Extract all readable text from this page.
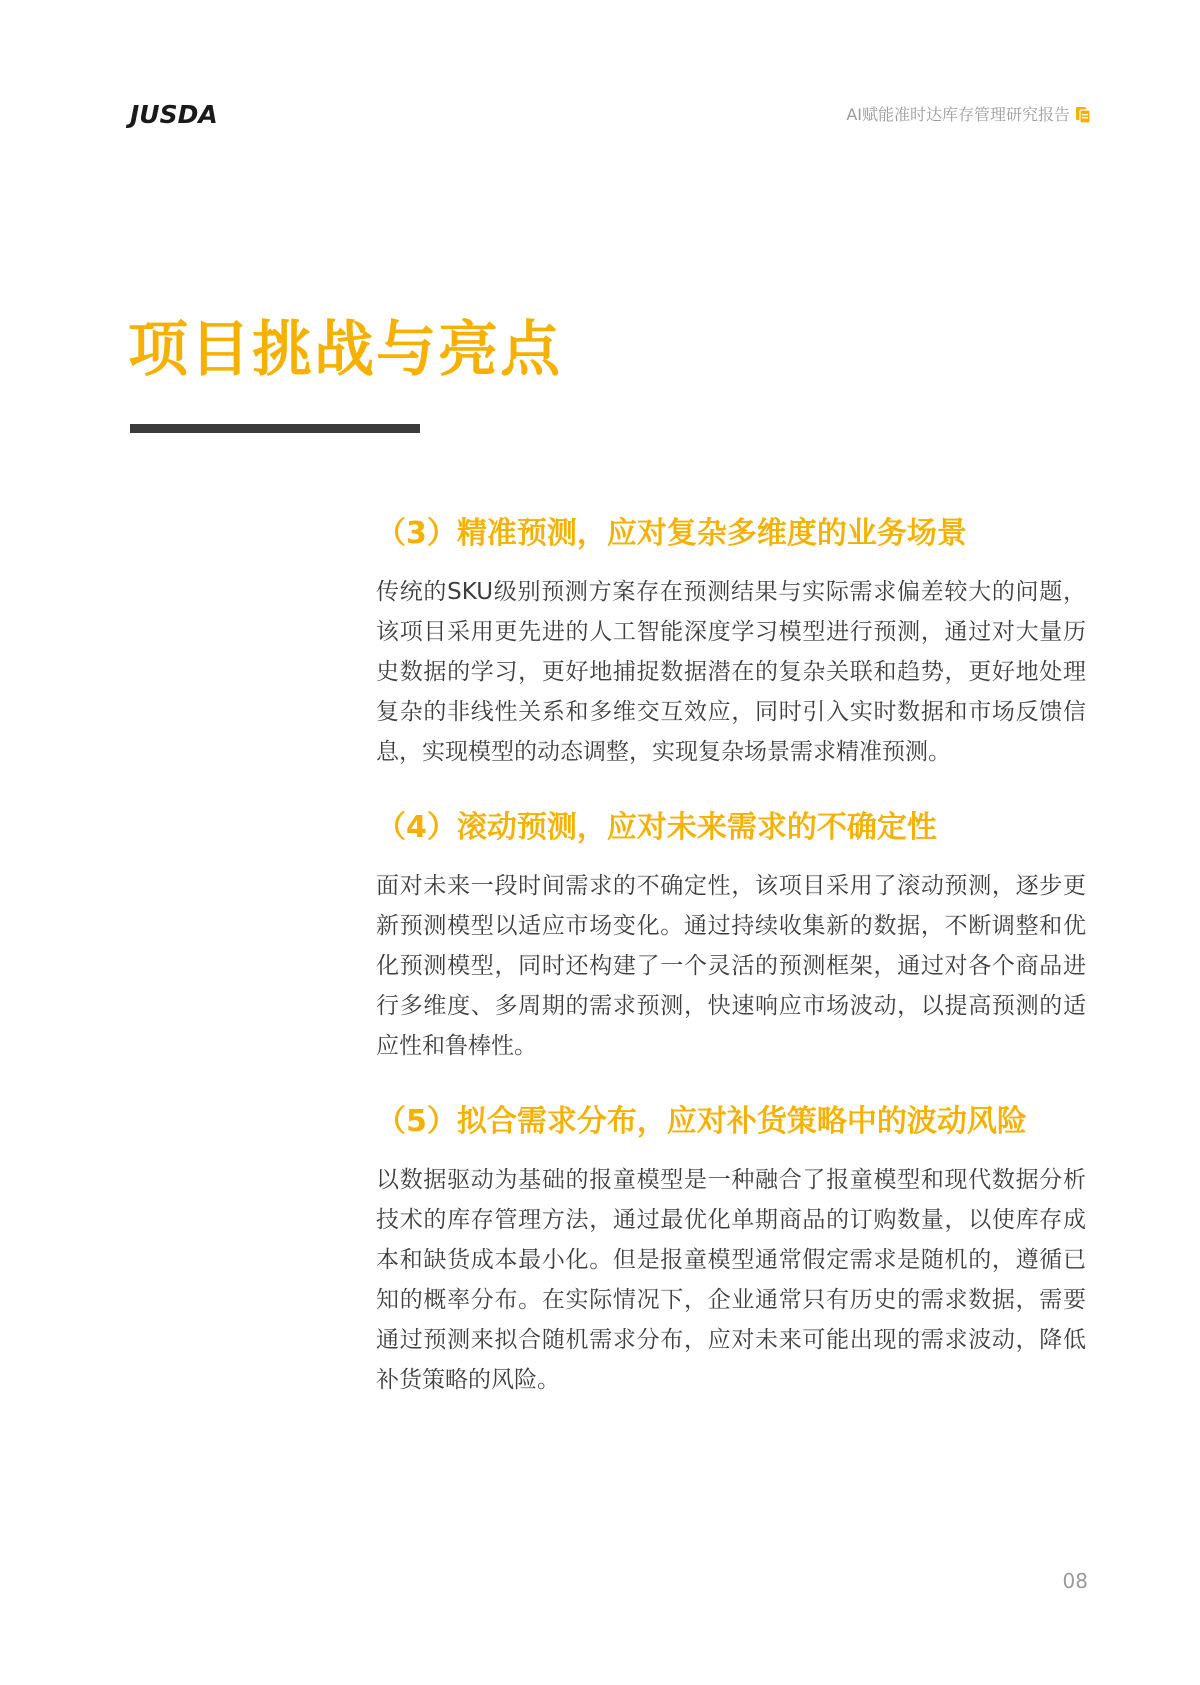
JUSDA	AI赋能准时达库存管理研究报告
项目挑战与亮点
（3）精准预测，应对复杂多维度的业务场景

传统的SKU级别预测方案存在预测结果与实际需求偏差较大的问题，该项目采用更先进的人工智能深度学习模型进行预测，通过对大量历史数据的学习，更好地捕捉数据潜在的复杂关联和趋势，更好地处理复杂的非线性关系和多维交互效应，同时引入实时数据和市场反馈信息，实现模型的动态调整，实现复杂场景需求精准预测。

（4）滚动预测，应对未来需求的不确定性

面对未来一段时间需求的不确定性，该项目采用了滚动预测，逐步更新预测模型以适应市场变化。通过持续收集新的数据，不断调整和优化预测模型，同时还构建了一个灵活的预测框架，通过对各个商品进行多维度、多周期的需求预测，快速响应市场波动，以提高预测的适应性和鲁棒性。

（5）拟合需求分布，应对补货策略中的波动风险

以数据驱动为基础的报童模型是一种融合了报童模型和现代数据分析技术的库存管理方法，通过最优化单期商品的订购数量，以使库存成本和缺货成本最小化。但是报童模型通常假定需求是随机的，遵循已知的概率分布。在实际情况下，企业通常只有历史的需求数据，需要通过预测来拟合随机需求分布，应对未来可能出现的需求波动，降低补货策略的风险。

08
